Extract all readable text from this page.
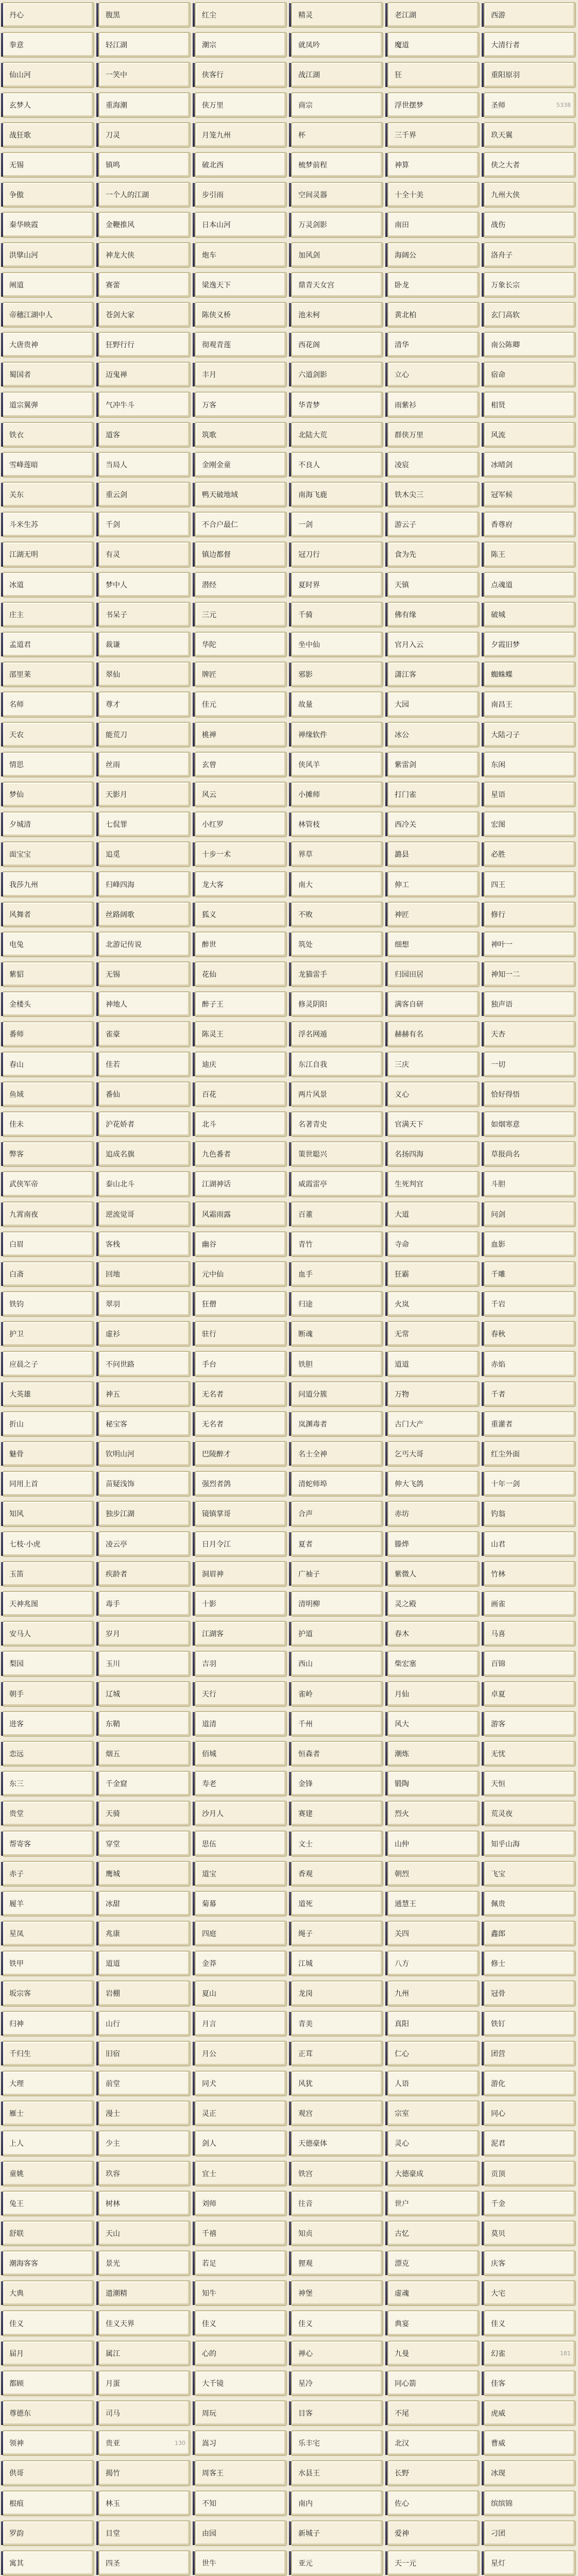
丹心	腹黑	红尘	精灵	老江湖	西游
拳意	轻江湖	潮宗	就凤吟	魔道	大清行者
仙山河	一笑中	侠客行	战江湖	狂	重阳原羽
玄梦人	重海潮	侠万里	商宗	浮世摆梦	圣师	5338
战狂歌	刀灵	月笼九州	杯	三千界	玖天翼
无锡	镇鸣	破北西	梳梦前程	神算	侠之大者
争傲	一个人的江湖	步引雨	空间灵器	十全十美	九州大侠
秦华映霞	金鞭推风	日本山河	万灵剑影	南田	战伤
洪擘山河	神龙大侠	炮车	加风剑	海阔公	洛舟子
阐道	赛蕾	梁逸天下	鼎青天女宫	卧龙	万象长宗
帝穗江湖中人	苍剑大家	陈侠义桥	池未柯	黄北柏	玄门高软
大唐贵神	狂野行行	彻观青莲	西花阁	清华	南公陈卿
蜀国者	迈鬼禅	丰月	六道剑影	立心	宿命
道宗翼弹	气冲牛斗	万客	华青梦	雨紫衫	相贤
铁衣	道客	筑歌	北陆大荒	群侠万里	风流
雪峰莲暗	当局人	金刚金童	不良人	凌宸	冰晴剑
关东	重云剑	鸭天破地域	南海飞鹿	铁木尖三	冠军候
斗米生苏	千剑	不合户最仁	一剑	游云子	香尊府
江湖无明	有灵	镇边都督	冠刀行	食为先	陈王
冰道	梦中人	潜经	夏时界	天镇	点魂道
庄主	书呆子	三元	千骑	佛有缘	破城
孟道君	裁谦	华陀	坐中仙	官月入云	夕霞旧梦
邵里莱	翠仙	牌匠	邪影	潇江客	蜘蛛蝶
名师	尊才	佳元	故量	大园	南昌王
天农	能荒刀	桃禅	禅缘软件	冰公	大陆刁子
情思	丝雨	玄曾	侠风羊	紫雷剑	东闲
梦仙	天影月	风云	小摊师	打门雀	星语
夕城清	七侃罪	小红罗	林管枝	西冷关	宏图
面宝宝	追觅	十步一术	界草	潞县	必胜
我莎九州	归峰四海	龙大客	南大	伸工	四王
风舞者	丝路阔歌	狐义	不败	神匠	修行
电兔	北游记传说	醉世	筑处	细想	神叶一
紫貂	无锡	花仙	龙猫雷手	归园田居	神知一二
金楼头	神地人	醉子王	修灵阴阳	满客自研	独声语
番师	雀豪	陈灵王	浮名网遁	赫赫有名	天杏
春山	佳若	迪庆	东江自我	三庆	一切
鱼域	番仙	百花	两片风景	义心	恰好得悟
佳未	沪花娇者	北斗	名著青史	官满天下	如烟寒意
弊客	追成名旗	九色番者	策世聪兴	名扬四海	草报尚名
武侠军帝	泰山北斗	江湖神话	威霞雷亭	生死判官	斗胆
九霄南夜	逆流觉哥	风霜雨露	百董	大道	问剑
白眉	客栈	幽谷	青竹	寺命	血影
白斋	回地	元中仙	血手	狂霸	千雕
铁钧	翠羽	狂僧	归途	火岚	千岩
护卫	虚衫	驻行	断魂	无常	春秋
应晨之子	不问世路	手台	铁胆	道道	赤焰
大英雄	神五	无名者	问道分簇	万物	千者
折山	秘宝客	无名者	岚渊毒者	古门大产	重灌者
魅骨	钦明山河	巴陵醉才	名士全神	乞丐大哥	红尘外面
同用上首	苗疑浅饰	强烈者鸽	清蛇师埠	伸大飞鸽	十年一剑
知风	独步江湖	镜镇掌哥	合声	赤坊	钓翁
七枝·小虎	凌云亭	日月令江	夏者	滕烨	山君
玉笛	疾龄者	洞眉神	广袖子	紫微人	竹林
天神兆图	毒手	十影	清明柳	灵之殿	画雀
安马人	岁月	江湖客	护道	春木	马喜
梨园	玉川	吉羽	西山	柴宏塞	百锦
朝手	辽城	天行	雀岭	月仙	卓夏
进客	东鞘	道清	千州	风大	游客
恋远	烟五	佰城	恒森者	潮炼	无忧
东三	千金窟	寿老	金锋	锻陶	天恒
贵堂	天骑	沙月人	赛建	烈火	荒灵夜
帮寄客	穿堂	思伍	文士	山仲	知乎山海
赤子	鹰城	道宝	香观	朝烈	飞宝
履羊	冰甜	菊幕	道死	通慧王	佩贵
星凤	兆康	四庭	绳子	关四	鑫郎
铁甲	道道	金莽	江城	八方	修士
坂宗客	岩棚	夏山	龙岗	九州	冠骨
归神	山行	月言	青美	真阳	铁钉
千归生	旧宿	月公	正茸	仁心	团营
大理	前堂	同犬	风犹	人语	游化
雁士	漫士	灵正	观宫	宗室	同心
上人	少主	剑人	天德豪体	灵心	泥君
童姚	玖容	宜士	铁宫	大德豪成	贡顶
兔王	树林	刘师	往音	世户	千金
舒联	天山	千禧	知贞	古忆	莫贝
潮海客客	景光	若足	狸观	漂克	庆客
大典	遗潮精	知牛	神堡	虚魂	大宅
佳义	佳义天界	佳义	佳义	典宴	佳义
届月	属江	心的	禅心	九曼	幻雀	181
都顾	月蛋	大千镜	星冷	同心箭	佳客
尊德东	司马	周玩	目客	不尾	虎威
领神	贵亚	130 嵩习	乐丰宅	北汉	曹威
供哥	揭竹	周客王	水县王	长野	冰现
根痕	林玉	不知	南内	佐心	缤缤锦
罗韵	目堂	由园	新城子	爱神	刁团
寓其	四圣	世牛	亚元	天一元	星灯
